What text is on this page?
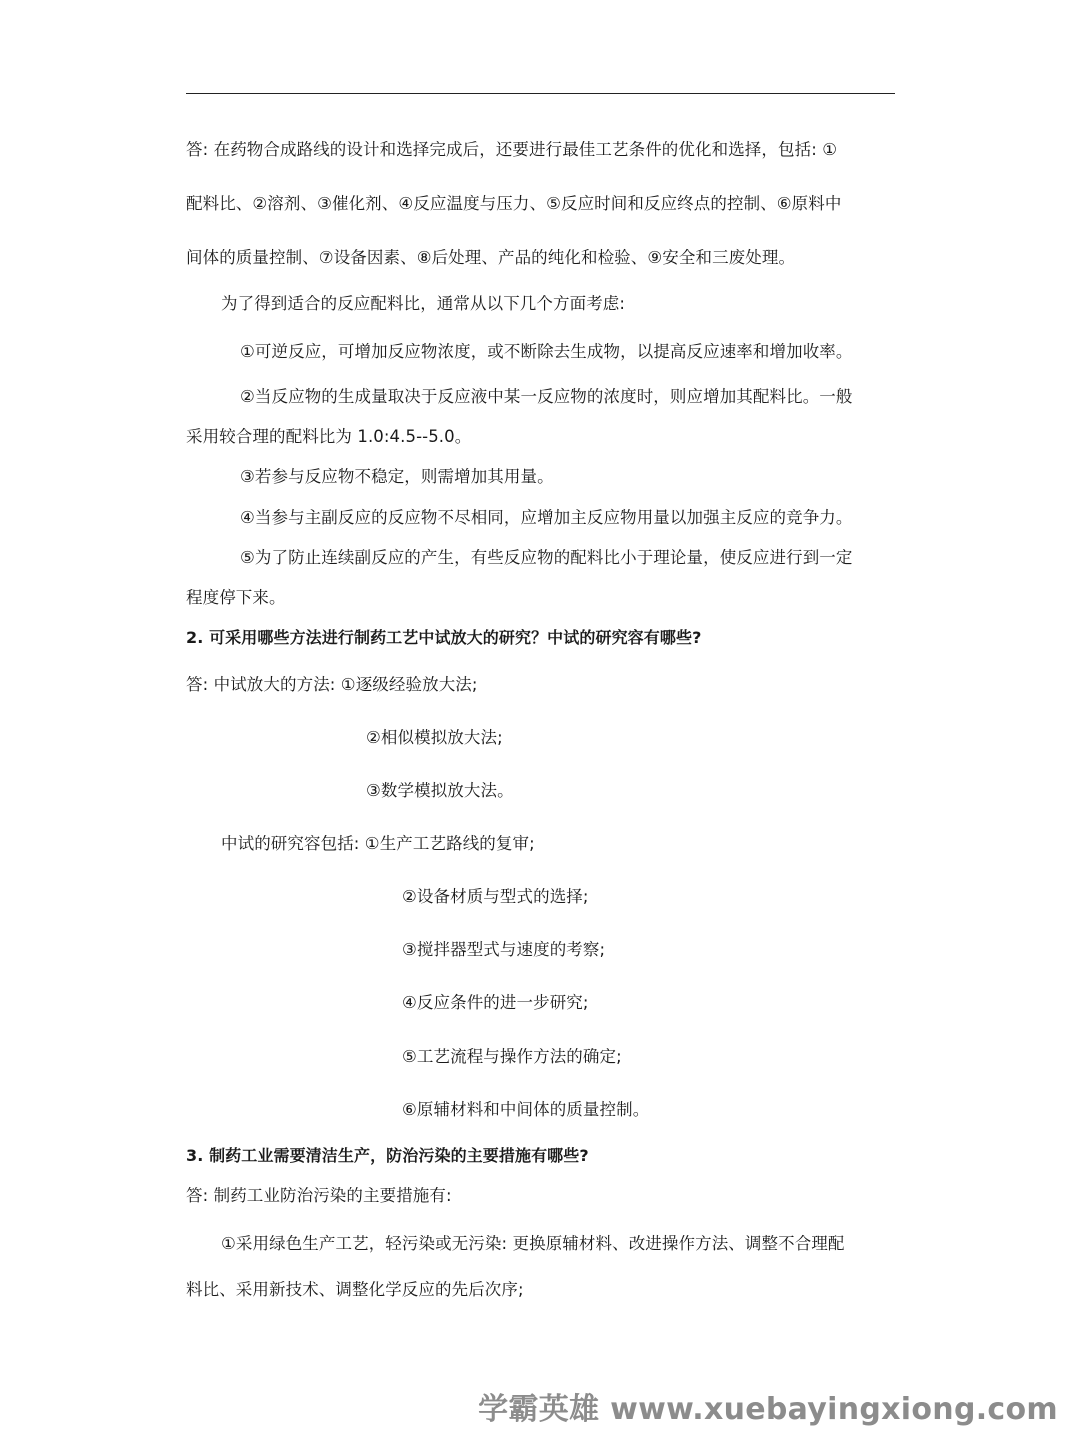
答: 在药物合成路线的设计和选择完成后，还要进行最佳工艺条件的优化和选择，包括: ①
配料比、②溶剂、③催化剂、④反应温度与压力、⑤反应时间和反应终点的控制、⑥原料中
间体的质量控制、⑦设备因素、⑧后处理、产品的纯化和检验、⑨安全和三废处理。
为了得到适合的反应配料比，通常从以下几个方面考虑:
①可逆反应，可增加反应物浓度，或不断除去生成物，以提高反应速率和增加收率。
②当反应物的生成量取决于反应液中某一反应物的浓度时，则应增加其配料比。一般
采用较合理的配料比为 1.0:4.5--5.0。
③若参与反应物不稳定，则需增加其用量。
④当参与主副反应的反应物不尽相同，应增加主反应物用量以加强主反应的竞争力。
⑤为了防止连续副反应的产生，有些反应物的配料比小于理论量，使反应进行到一定
程度停下来。
2. 可采用哪些方法进行制药工艺中试放大的研究？中试的研究容有哪些?
答: 中试放大的方法: ①逐级经验放大法;
②相似模拟放大法;
③数学模拟放大法。
中试的研究容包括: ①生产工艺路线的复审;
②设备材质与型式的选择;
③搅拌器型式与速度的考察;
④反应条件的进一步研究;
⑤工艺流程与操作方法的确定;
⑥原辅材料和中间体的质量控制。
3. 制药工业需要清洁生产，防治污染的主要措施有哪些?
答: 制药工业防治污染的主要措施有:
①采用绿色生产工艺，轻污染或无污染: 更换原辅材料、改进操作方法、调整不合理配
料比、采用新技术、调整化学反应的先后次序;
学霸英雄 www.xuebayingxiong.com
